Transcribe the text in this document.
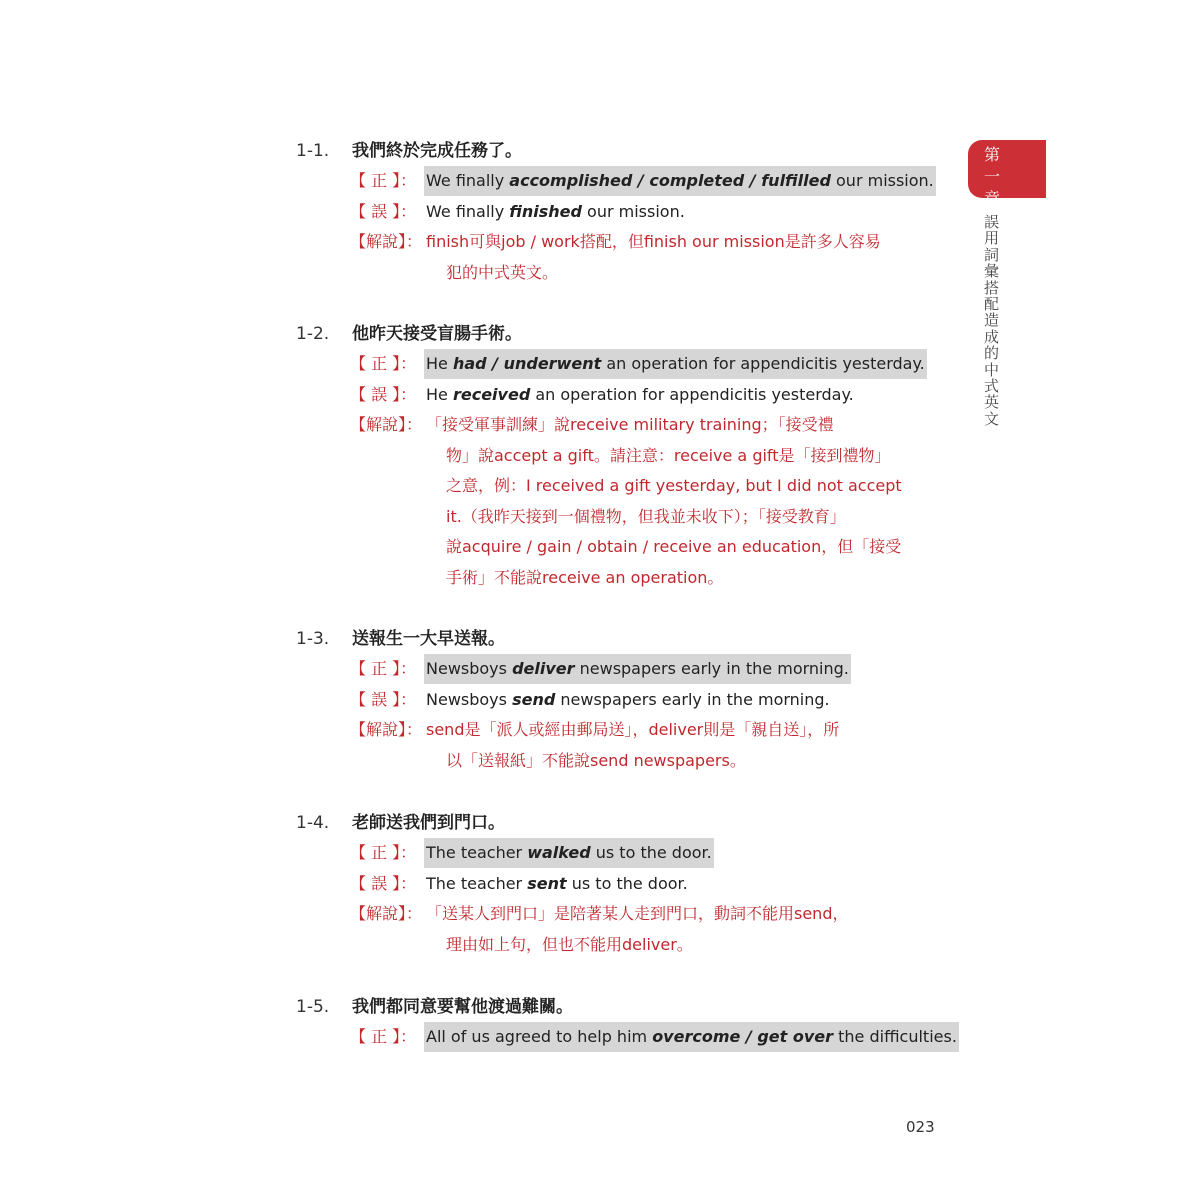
1-1. 我們終於完成任務了。
【 正 】： We finally accomplished / completed / fulfilled our mission.
【 誤 】： We finally finished our mission.
【解說】： finish可與job / work搭配，但finish our mission是許多人容易
犯的中式英文。
1-2. 他昨天接受盲腸手術。
【 正 】： He had / underwent an operation for appendicitis yesterday.
【 誤 】： He received an operation for appendicitis yesterday.
【解說】： 「接受軍事訓練」說receive military training；「接受禮
物」說accept a gift。請注意：receive a gift是「接到禮物」
之意，例：I received a gift yesterday, but I did not accept
it.（我昨天接到一個禮物，但我並未收下）；「接受教育」
說acquire / gain / obtain / receive an education，但「接受
手術」不能說receive an operation。
1-3. 送報生一大早送報。
【 正 】： Newsboys deliver newspapers early in the morning.
【 誤 】： Newsboys send newspapers early in the morning.
【解說】： send是「派人或經由郵局送」，deliver則是「親自送」，所
以「送報紙」不能說send newspapers。
1-4. 老師送我們到門口。
【 正 】： The teacher walked us to the door.
【 誤 】： The teacher sent us to the door.
【解說】： 「送某人到門口」是陪著某人走到門口，動詞不能用send，
理由如上句，但也不能用deliver。
1-5. 我們都同意要幫他渡過難關。
【 正 】： All of us agreed to help him overcome / get over the difficulties.
第一章
誤用詞彙搭配造成的中式英文
023
